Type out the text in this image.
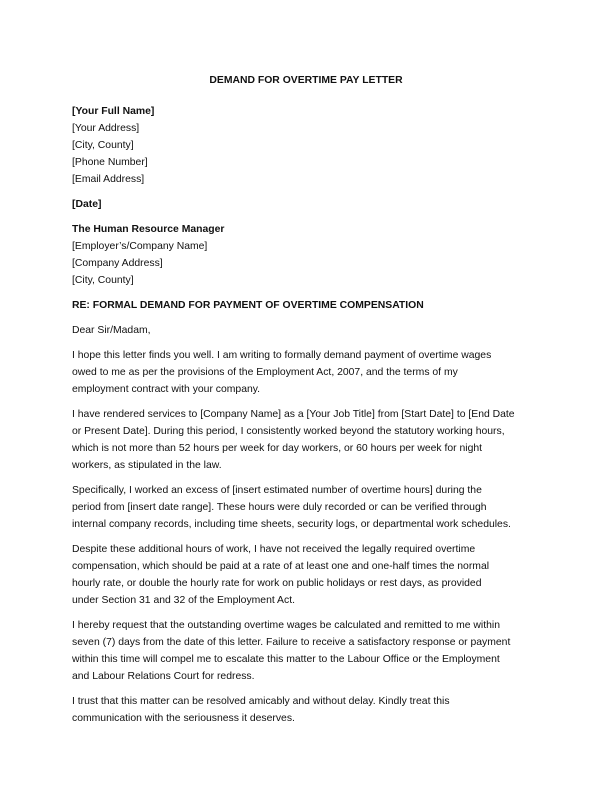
DEMAND FOR OVERTIME PAY LETTER
[Your Full Name]
[Your Address]
[City, County]
[Phone Number]
[Email Address]
[Date]
The Human Resource Manager
[Employer’s/Company Name]
[Company Address]
[City, County]
RE: FORMAL DEMAND FOR PAYMENT OF OVERTIME COMPENSATION
Dear Sir/Madam,
I hope this letter finds you well. I am writing to formally demand payment of overtime wages
owed to me as per the provisions of the Employment Act, 2007, and the terms of my
employment contract with your company.
I have rendered services to [Company Name] as a [Your Job Title] from [Start Date] to [End Date
or Present Date]. During this period, I consistently worked beyond the statutory working hours,
which is not more than 52 hours per week for day workers, or 60 hours per week for night
workers, as stipulated in the law.
Specifically, I worked an excess of [insert estimated number of overtime hours] during the
period from [insert date range]. These hours were duly recorded or can be verified through
internal company records, including time sheets, security logs, or departmental work schedules.
Despite these additional hours of work, I have not received the legally required overtime
compensation, which should be paid at a rate of at least one and one-half times the normal
hourly rate, or double the hourly rate for work on public holidays or rest days, as provided
under Section 31 and 32 of the Employment Act.
I hereby request that the outstanding overtime wages be calculated and remitted to me within
seven (7) days from the date of this letter. Failure to receive a satisfactory response or payment
within this time will compel me to escalate this matter to the Labour Office or the Employment
and Labour Relations Court for redress.
I trust that this matter can be resolved amicably and without delay. Kindly treat this
communication with the seriousness it deserves.
